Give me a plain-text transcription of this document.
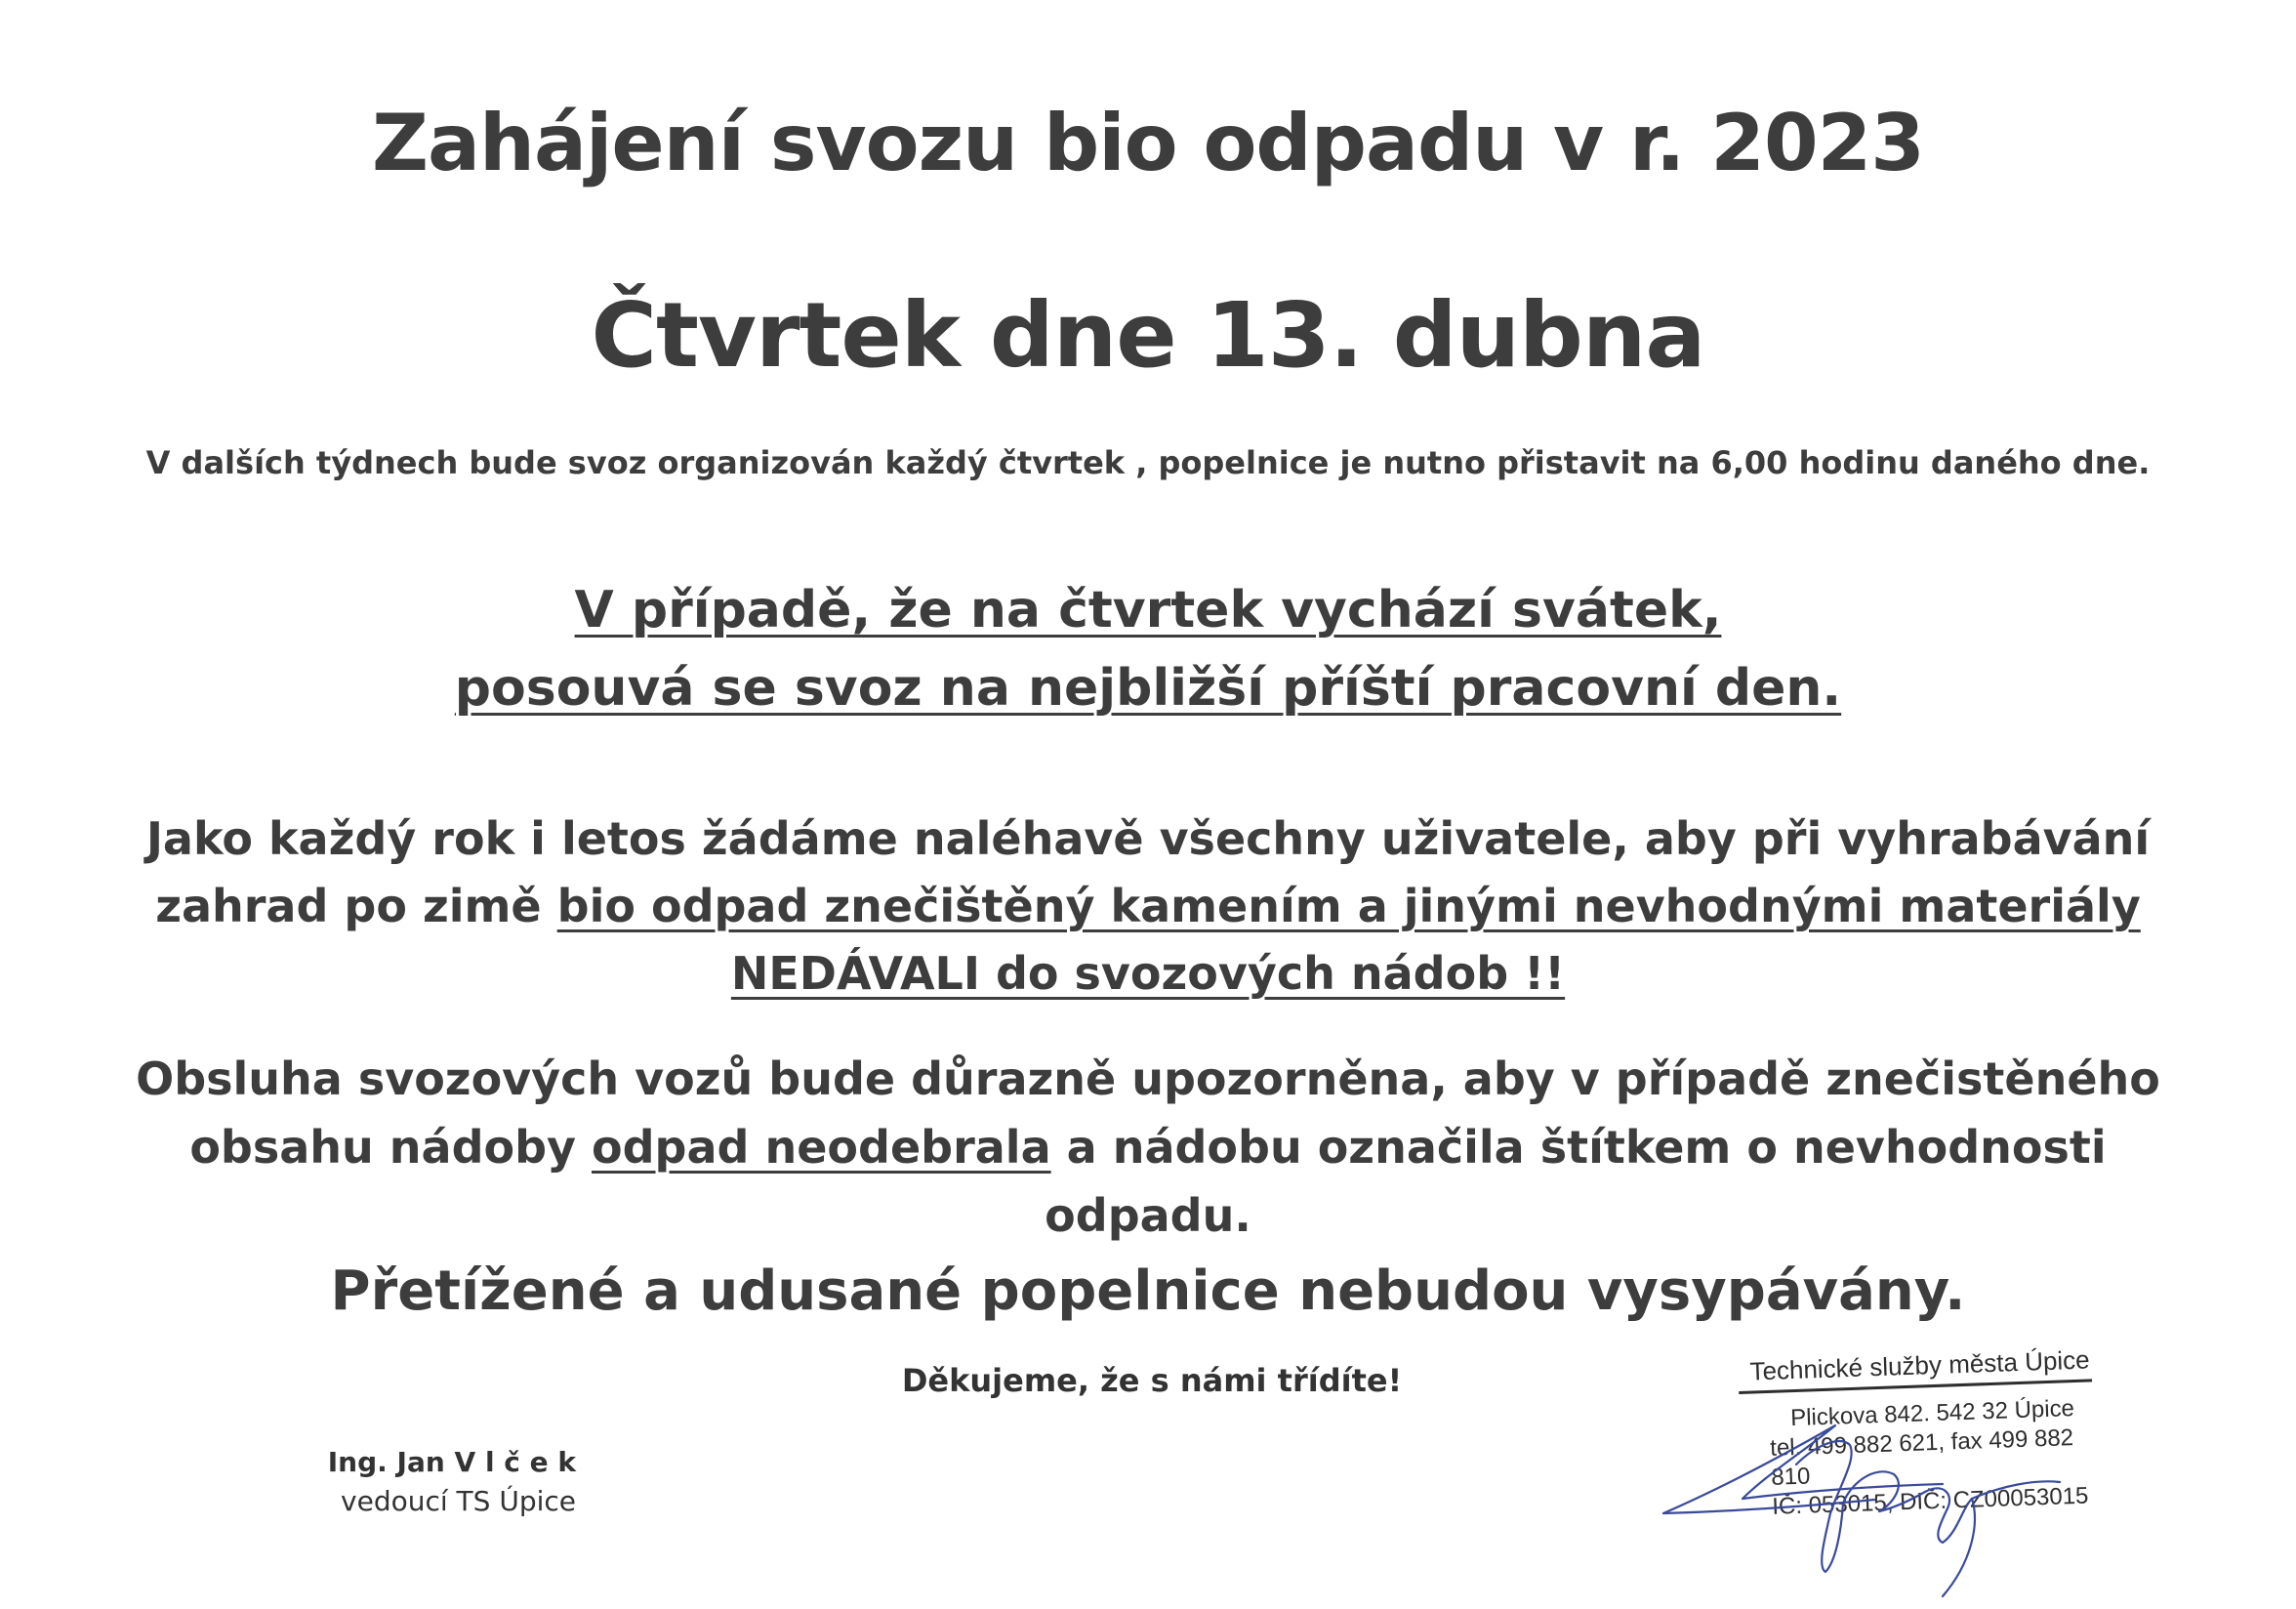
Zahájení svozu bio odpadu v r. 2023
Čtvrtek dne 13. dubna
V dalších týdnech bude svoz organizován každý čtvrtek , popelnice je nutno přistavit na 6,00 hodinu daného dne.
V případě, že na čtvrtek vychází svátek,
posouvá se svoz na nejbližší příští pracovní den.
Jako každý rok i letos žádáme naléhavě všechny uživatele, aby při vyhrabávání zahrad po zimě bio odpad znečištěný kamením a jinými nevhodnými materiály NEDÁVALI do svozových nádob !!
Obsluha svozových vozů bude důrazně upozorněna, aby v případě znečistěného obsahu nádoby odpad neodebrala a nádobu označila štítkem o nevhodnosti odpadu.
Přetížené a udusané popelnice nebudou vysypávány.
Děkujeme, že s námi třídíte!
Ing. Jan V l č e k
vedoucí TS Úpice
Technické služby města Úpice
Plickova 842. 542 32 Úpice
tel. 499 882 621, fax 499 882 810
IČ: 053015, DIČ: CZ00053015
